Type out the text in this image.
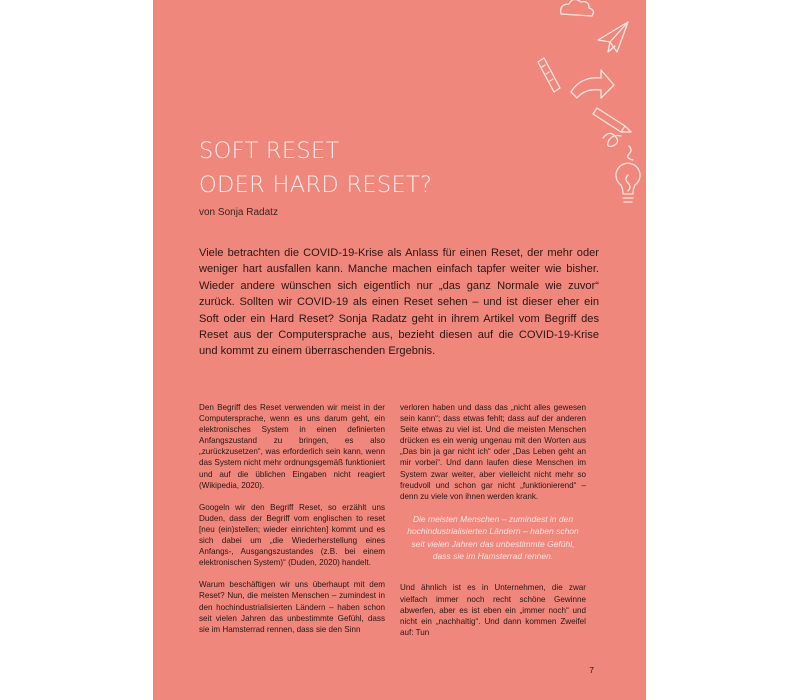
SOFT RESET
ODER HARD RESET?
von Sonja Radatz

Viele betrachten die COVID-19-Krise als Anlass für einen Reset, der mehr oder weniger hart ausfallen kann. Manche machen einfach tapfer weiter wie bisher. Wieder andere wünschen sich eigentlich nur „das ganz Normale wie zuvor“ zurück. Sollten wir COVID-19 als einen Reset sehen – und ist dieser eher ein Soft oder ein Hard Reset? Sonja Radatz geht in ihrem Artikel vom Begriff des Reset aus der Computersprache aus, bezieht diesen auf die COVID-19-Krise und kommt zu einem überraschenden Ergebnis.

Den Begriff des Reset verwenden wir meist in der Computersprache, wenn es uns darum geht, ein elektronisches System in einen definierten Anfangszustand zu bringen, es also „zurückzusetzen“, was erforderlich sein kann, wenn das System nicht mehr ordnungsgemäß funktioniert und auf die üblichen Eingaben nicht reagiert (Wikipedia, 2020).

Googeln wir den Begriff Reset, so erzählt uns Duden, dass der Begriff vom englischen to reset [neu (ein)stellen; wieder einrichten] kommt und es sich dabei um „die Wiederherstellung eines Anfangs-, Ausgangszustandes (z.B. bei einem elektronischen System)“ (Duden, 2020) handelt.

Warum beschäftigen wir uns überhaupt mit dem Reset? Nun, die meisten Menschen – zumindest in den hochindustrialisierten Ländern – haben schon seit vielen Jahren das unbestimmte Gefühl, dass sie im Hamsterrad rennen, dass sie den Sinn

verloren haben und dass das „nicht alles gewesen sein kann“; dass etwas fehlt; dass auf der anderen Seite etwas zu viel ist. Und die meisten Menschen drücken es ein wenig ungenau mit den Worten aus „Das bin ja gar nicht ich“ oder „Das Leben geht an mir vorbei“. Und dann laufen diese Menschen im System zwar weiter, aber vielleicht nicht mehr so freudvoll und schon gar nicht „funktionierend“ – denn zu viele von ihnen werden krank.

Die meisten Menschen – zumindest in den hochindustrialisierten Ländern – haben schon seit vielen Jahren das unbestimmte Gefühl, dass sie im Hamsterrad rennen.

Und ähnlich ist es in Unternehmen, die zwar vielfach immer noch recht schöne Gewinne abwerfen, aber es ist eben ein „immer noch“ und nicht ein „nachhaltig“. Und dann kommen Zweifel auf: Tun

7
